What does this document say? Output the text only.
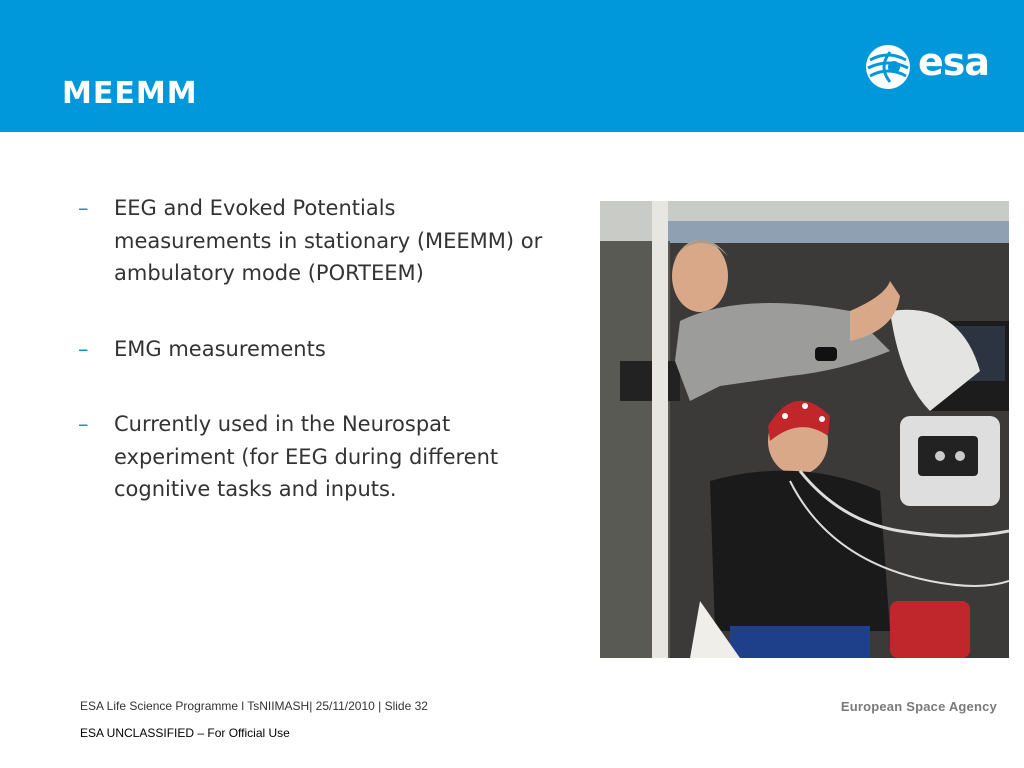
MEEMM
esa
– EEG and Evoked Potentials measurements in stationary (MEEMM) or ambulatory mode (PORTEEM)
– EMG measurements
– Currently used in the Neurospat experiment (for EEG during different cognitive tasks and inputs.
ESA Life Science Programme l TsNIIMASH| 25/11/2010 | Slide 32
ESA UNCLASSIFIED – For Official Use
European Space Agency
